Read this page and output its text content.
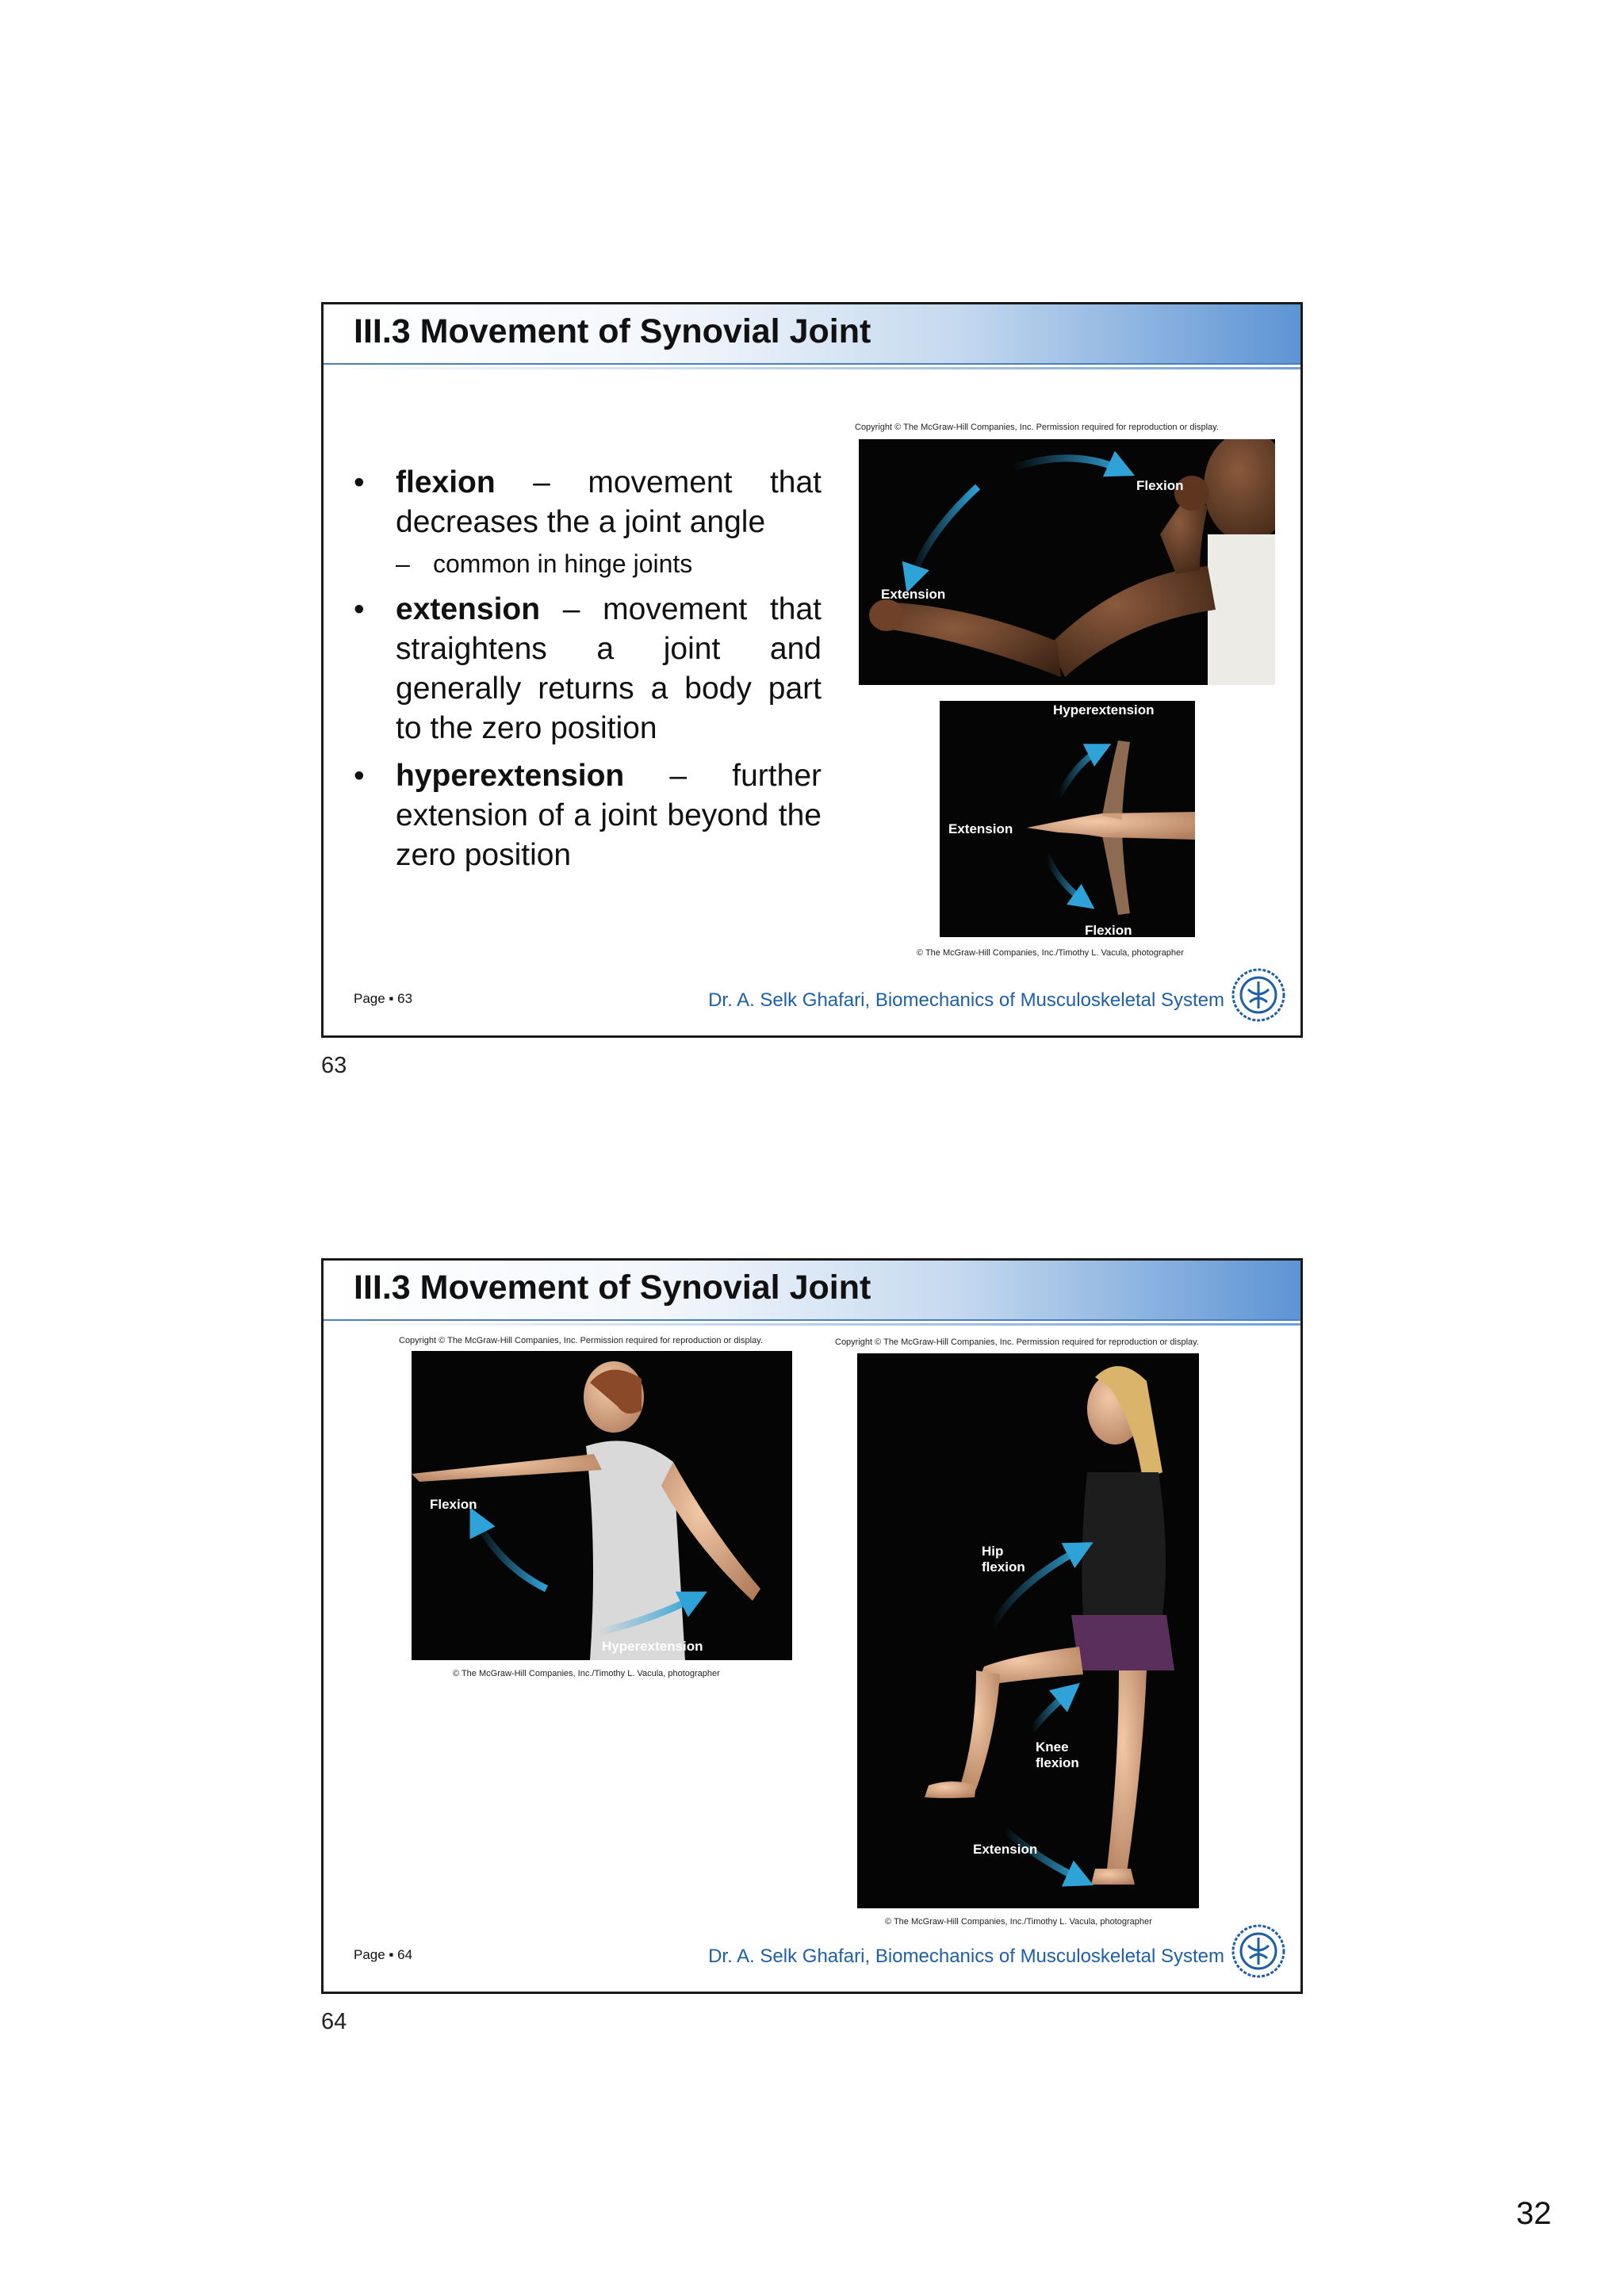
III.3 Movement of Synovial Joint
• flexion – movement that decreases the a joint angle
– common in hinge joints
• extension – movement that straightens a joint and generally returns a body part to the zero position
• hyperextension – further extension of a joint beyond the zero position
Copyright © The McGraw-Hill Companies, Inc. Permission required for reproduction or display.
Flexion
Extension
Hyperextension
Extension
Flexion
© The McGraw-Hill Companies, Inc./Timothy L. Vacula, photographer
Page ▪ 63	Dr. A. Selk Ghafari, Biomechanics of Musculoskeletal System
63
III.3 Movement of Synovial Joint
Copyright © The McGraw-Hill Companies, Inc. Permission required for reproduction or display.	Copyright © The McGraw-Hill Companies, Inc. Permission required for reproduction or display.
Flexion
Hyperextension
© The McGraw-Hill Companies, Inc./Timothy L. Vacula, photographer
Hip flexion
Knee flexion
Extension
© The McGraw-Hill Companies, Inc./Timothy L. Vacula, photographer
Page ▪ 64	Dr. A. Selk Ghafari, Biomechanics of Musculoskeletal System
64
32
